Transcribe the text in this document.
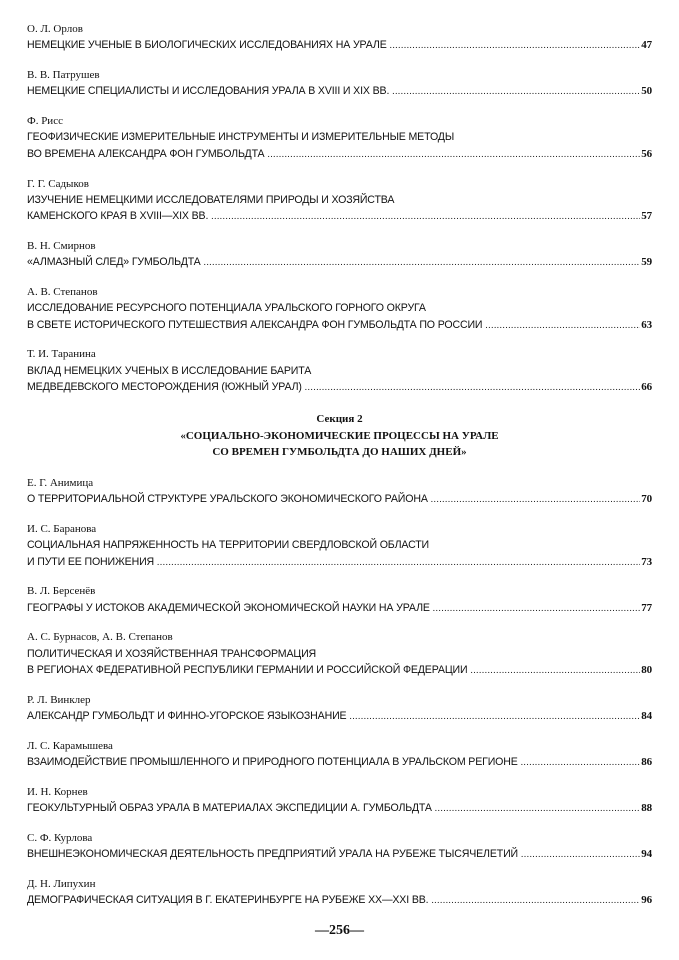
О. Л. Орлов
НЕМЕЦКИЕ УЧЕНЫЕ В БИОЛОГИЧЕСКИХ ИССЛЕДОВАНИЯХ НА УРАЛЕ .....	47
В. В. Патрушев
НЕМЕЦКИЕ СПЕЦИАЛИСТЫ И ИССЛЕДОВАНИЯ УРАЛА В XVIII И XIX ВВ. .....	50
Ф. Рисс
ГЕОФИЗИЧЕСКИЕ ИЗМЕРИТЕЛЬНЫЕ ИНСТРУМЕНТЫ И ИЗМЕРИТЕЛЬНЫЕ МЕТОДЫ
ВО ВРЕМЕНА АЛЕКСАНДРА ФОН ГУМБОЛЬДТА .....	56
Г. Г. Садыков
ИЗУЧЕНИЕ НЕМЕЦКИМИ ИССЛЕДОВАТЕЛЯМИ ПРИРОДЫ И ХОЗЯЙСТВА
КАМЕНСКОГО КРАЯ В XVIII—XIX ВВ. .....	57
В. Н. Смирнов
«АЛМАЗНЫЙ СЛЕД» ГУМБОЛЬДТА .....	59
А. В. Степанов
ИССЛЕДОВАНИЕ РЕСУРСНОГО ПОТЕНЦИАЛА УРАЛЬСКОГО ГОРНОГО ОКРУГА
В СВЕТЕ ИСТОРИЧЕСКОГО ПУТЕШЕСТВИЯ АЛЕКСАНДРА ФОН ГУМБОЛЬДТА ПО РОССИИ .....	63
Т. И. Таранина
ВКЛАД НЕМЕЦКИХ УЧЕНЫХ В ИССЛЕДОВАНИЕ БАРИТА
МЕДВЕДЕВСКОГО МЕСТОРОЖДЕНИЯ (ЮЖНЫЙ УРАЛ) .....	66
Секция 2
«СОЦИАЛЬНО-ЭКОНОМИЧЕСКИЕ ПРОЦЕССЫ НА УРАЛЕ
СО ВРЕМЕН ГУМБОЛЬДТА ДО НАШИХ ДНЕЙ»
Е. Г. Анимица
О ТЕРРИТОРИАЛЬНОЙ СТРУКТУРЕ УРАЛЬСКОГО ЭКОНОМИЧЕСКОГО РАЙОНА .....	70
И. С. Баранова
СОЦИАЛЬНАЯ НАПРЯЖЕННОСТЬ НА ТЕРРИТОРИИ СВЕРДЛОВСКОЙ ОБЛАСТИ
И ПУТИ ЕЕ ПОНИЖЕНИЯ .....	73
В. Л. Берсенёв
ГЕОГРАФЫ У ИСТОКОВ АКАДЕМИЧЕСКОЙ ЭКОНОМИЧЕСКОЙ НАУКИ НА УРАЛЕ .....	77
А. С. Бурнасов, А. В. Степанов
ПОЛИТИЧЕСКАЯ И ХОЗЯЙСТВЕННАЯ ТРАНСФОРМАЦИЯ
В РЕГИОНАХ ФЕДЕРАТИВНОЙ РЕСПУБЛИКИ ГЕРМАНИИ И РОССИЙСКОЙ ФЕДЕРАЦИИ .....	80
Р. Л. Винклер
АЛЕКСАНДР ГУМБОЛЬДТ И ФИННО-УГОРСКОЕ ЯЗЫКОЗНАНИЕ .....	84
Л. С. Карамышева
ВЗАИМОДЕЙСТВИЕ ПРОМЫШЛЕННОГО И ПРИРОДНОГО ПОТЕНЦИАЛА В УРАЛЬСКОМ РЕГИОНЕ .....	86
И. Н. Корнев
ГЕОКУЛЬТУРНЫЙ ОБРАЗ УРАЛА В МАТЕРИАЛАХ ЭКСПЕДИЦИИ А. ГУМБОЛЬДТА .....	88
С. Ф. Курлова
ВНЕШНЕЭКОНОМИЧЕСКАЯ ДЕЯТЕЛЬНОСТЬ ПРЕДПРИЯТИЙ УРАЛА НА РУБЕЖЕ ТЫСЯЧЕЛЕТИЙ .....	94
Д. Н. Липухин
ДЕМОГРАФИЧЕСКАЯ СИТУАЦИЯ В Г. ЕКАТЕРИНБУРГЕ НА РУБЕЖЕ XX—XXI ВВ. .....	96
—256—
